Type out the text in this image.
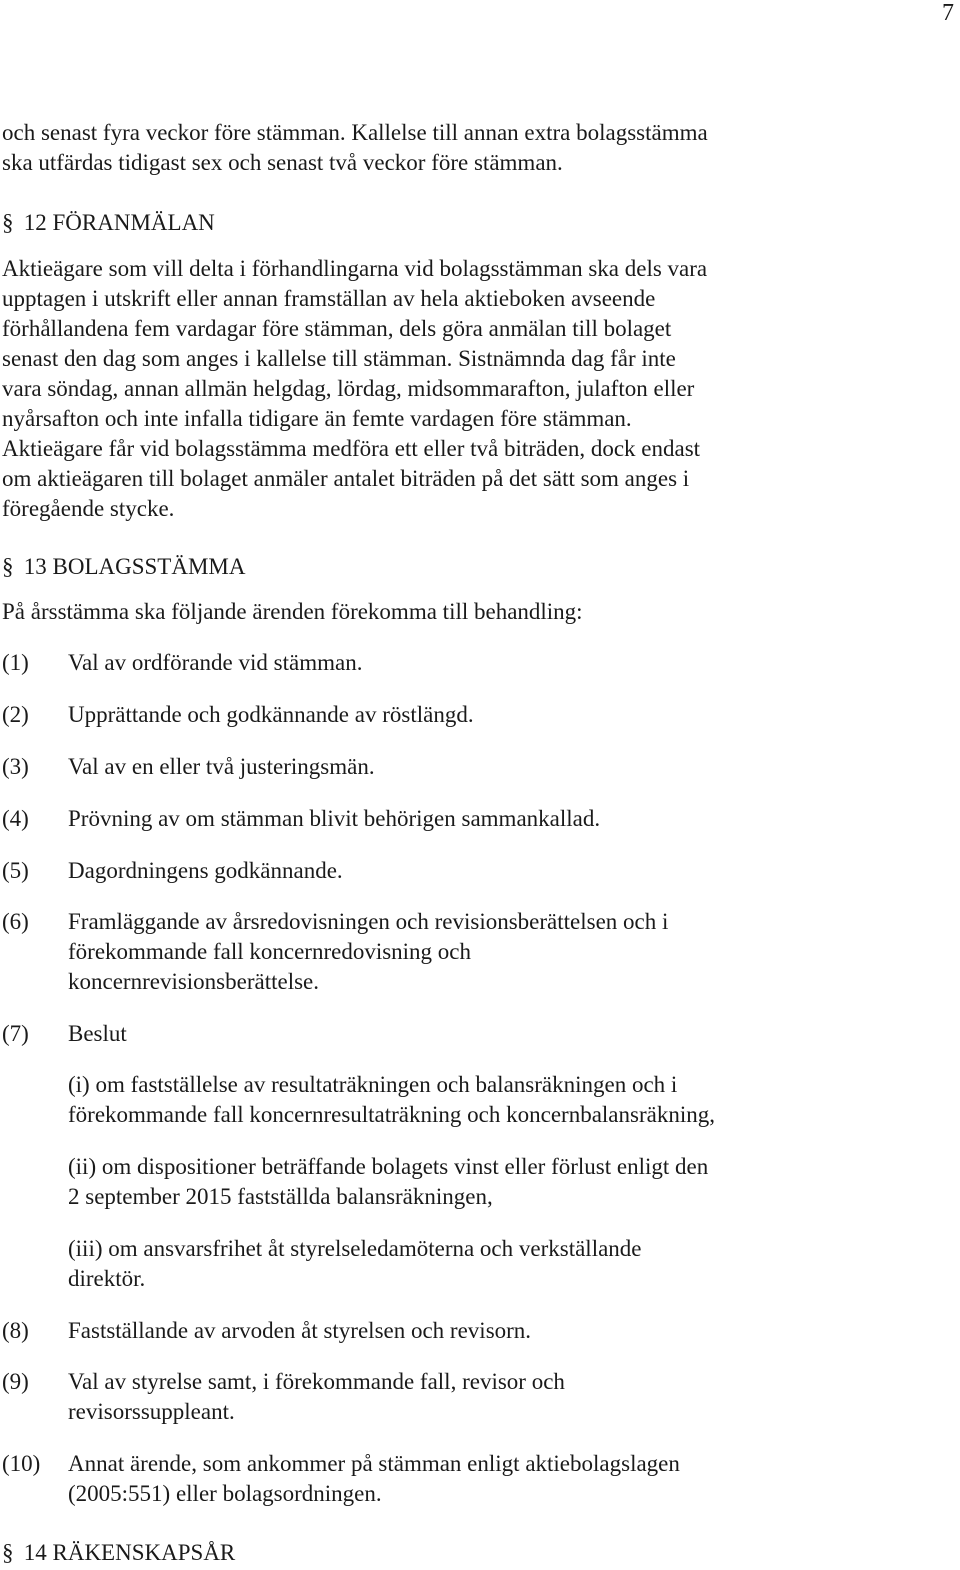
7
och senast fyra veckor före stämman. Kallelse till annan extra bolagsstämma
ska utfärdas tidigast sex och senast två veckor före stämman.
§ 12 FÖRANMÄLAN
Aktieägare som vill delta i förhandlingarna vid bolagsstämman ska dels vara
upptagen i utskrift eller annan framställan av hela aktieboken avseende
förhållandena fem vardagar före stämman, dels göra anmälan till bolaget
senast den dag som anges i kallelse till stämman. Sistnämnda dag får inte
vara söndag, annan allmän helgdag, lördag, midsommarafton, julafton eller
nyårsafton och inte infalla tidigare än femte vardagen före stämman.
Aktieägare får vid bolagsstämma medföra ett eller två biträden, dock endast
om aktieägaren till bolaget anmäler antalet biträden på det sätt som anges i
föregående stycke.
§ 13 BOLAGSSTÄMMA
På årsstämma ska följande ärenden förekomma till behandling:
(1)	Val av ordförande vid stämman.
(2)	Upprättande och godkännande av röstlängd.
(3)	Val av en eller två justeringsmän.
(4)	Prövning av om stämman blivit behörigen sammankallad.
(5)	Dagordningens godkännande.
(6)	Framläggande av årsredovisningen och revisionsberättelsen och i
förekommande fall koncernredovisning och
koncernrevisionsberättelse.
(7)	Beslut
(i) om fastställelse av resultaträkningen och balansräkningen och i
förekommande fall koncernresultaträkning och koncernbalansräkning,
(ii) om dispositioner beträffande bolagets vinst eller förlust enligt den
2 september 2015 fastställda balansräkningen,
(iii) om ansvarsfrihet åt styrelseledamöterna och verkställande
direktör.
(8)	Fastställande av arvoden åt styrelsen och revisorn.
(9)	Val av styrelse samt, i förekommande fall, revisor och
revisorssuppleant.
(10)	Annat ärende, som ankommer på stämman enligt aktiebolagslagen
(2005:551) eller bolagsordningen.
§ 14 RÄKENSKAPSÅR
